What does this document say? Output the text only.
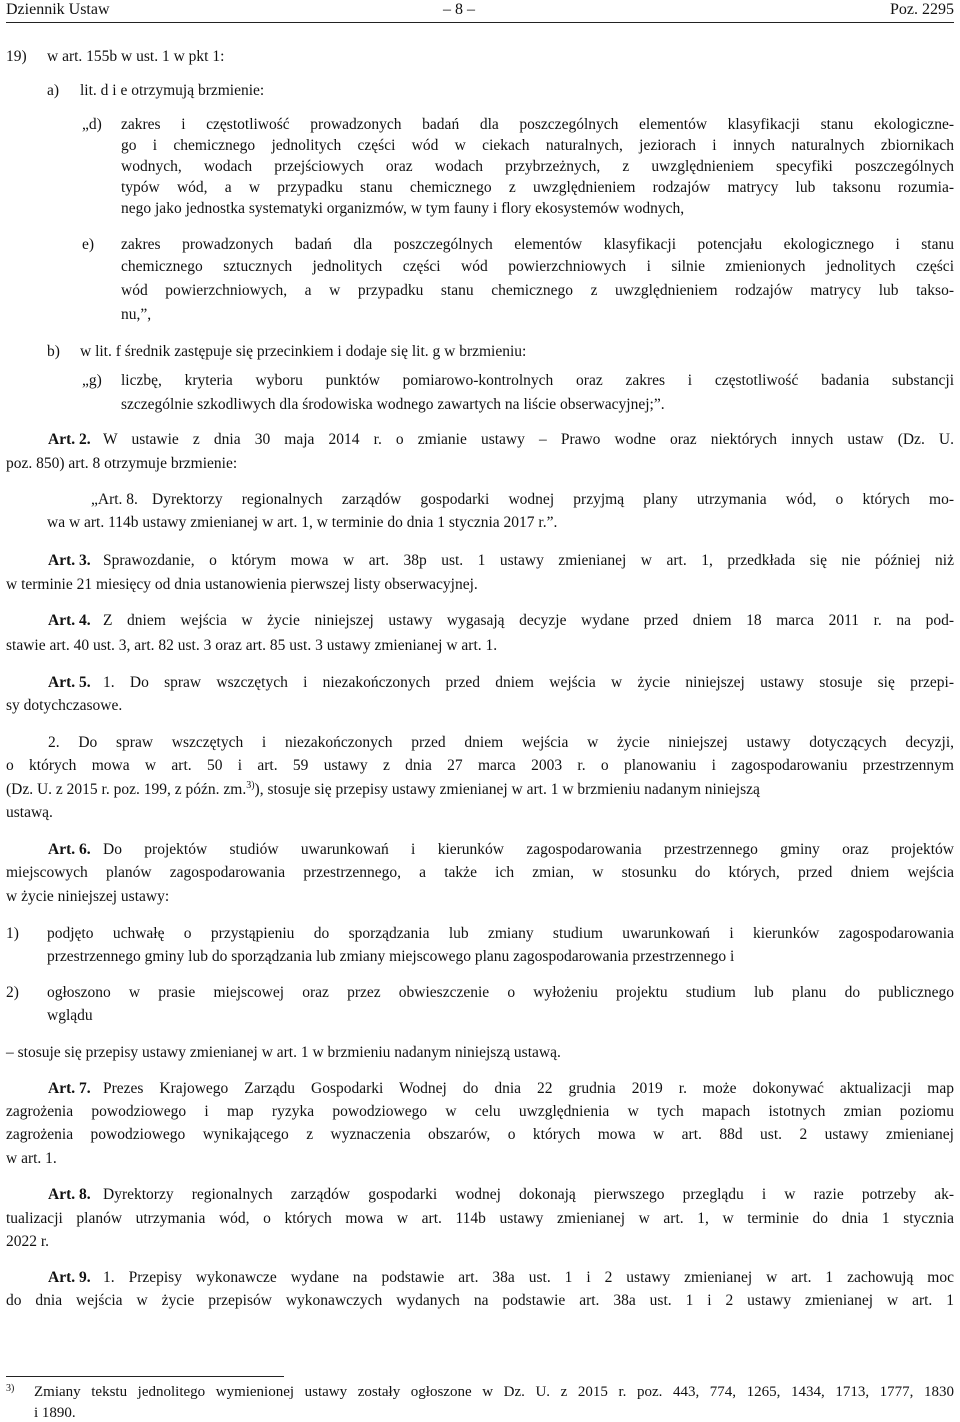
Dziennik Ustaw	– 8 –	Poz. 2295
19) w art. 155b w ust. 1 w pkt 1:
a) lit. d i e otrzymują brzmienie:
„d) zakres i częstotliwość prowadzonych badań dla poszczególnych elementów klasyfikacji stanu ekologiczne-
go i chemicznego jednolitych części wód w ciekach naturalnych, jeziorach i innych naturalnych zbiornikach
wodnych, wodach przejściowych oraz wodach przybrzeżnych, z uwzględnieniem specyfiki poszczególnych
typów wód, a w przypadku stanu chemicznego z uwzględnieniem rodzajów matrycy lub taksonu rozumia-
nego jako jednostka systematyki organizmów, w tym fauny i flory ekosystemów wodnych,
e) zakres prowadzonych badań dla poszczególnych elementów klasyfikacji potencjału ekologicznego i stanu
chemicznego sztucznych jednolitych części wód powierzchniowych i silnie zmienionych jednolitych części
wód powierzchniowych, a w przypadku stanu chemicznego z uwzględnieniem rodzajów matrycy lub takso-
nu,”,
b) w lit. f średnik zastępuje się przecinkiem i dodaje się lit. g w brzmieniu:
„g) liczbę, kryteria wyboru punktów pomiarowo-kontrolnych oraz zakres i częstotliwość badania substancji
szczególnie szkodliwych dla środowiska wodnego zawartych na liście obserwacyjnej;”.
Art. 2. W ustawie z dnia 30 maja 2014 r. o zmianie ustawy – Prawo wodne oraz niektórych innych ustaw (Dz. U.
poz. 850) art. 8 otrzymuje brzmienie:
„Art. 8. Dyrektorzy regionalnych zarządów gospodarki wodnej przyjmą plany utrzymania wód, o których mo-
wa w art. 114b ustawy zmienianej w art. 1, w terminie do dnia 1 stycznia 2017 r.”.
Art. 3. Sprawozdanie, o którym mowa w art. 38p ust. 1 ustawy zmienianej w art. 1, przedkłada się nie później niż
w terminie 21 miesięcy od dnia ustanowienia pierwszej listy obserwacyjnej.
Art. 4. Z dniem wejścia w życie niniejszej ustawy wygasają decyzje wydane przed dniem 18 marca 2011 r. na pod-
stawie art. 40 ust. 3, art. 82 ust. 3 oraz art. 85 ust. 3 ustawy zmienianej w art. 1.
Art. 5. 1. Do spraw wszczętych i niezakończonych przed dniem wejścia w życie niniejszej ustawy stosuje się przepi-
sy dotychczasowe.
2. Do spraw wszczętych i niezakończonych przed dniem wejścia w życie niniejszej ustawy dotyczących decyzji,
o których mowa w art. 50 i art. 59 ustawy z dnia 27 marca 2003 r. o planowaniu i zagospodarowaniu przestrzennym
(Dz. U. z 2015 r. poz. 199, z późn. zm.$^{3)}$), stosuje się przepisy ustawy zmienianej w art. 1 w brzmieniu nadanym niniejszą
ustawą.
Art. 6. Do projektów studiów uwarunkowań i kierunków zagospodarowania przestrzennego gminy oraz projektów
miejscowych planów zagospodarowania przestrzennego, a także ich zmian, w stosunku do których, przed dniem wejścia
w życie niniejszej ustawy:
1) podjęto uchwałę o przystąpieniu do sporządzania lub zmiany studium uwarunkowań i kierunków zagospodarowania
przestrzennego gminy lub do sporządzania lub zmiany miejscowego planu zagospodarowania przestrzennego i
2) ogłoszono w prasie miejscowej oraz przez obwieszczenie o wyłożeniu projektu studium lub planu do publicznego
wglądu
– stosuje się przepisy ustawy zmienianej w art. 1 w brzmieniu nadanym niniejszą ustawą.
Art. 7. Prezes Krajowego Zarządu Gospodarki Wodnej do dnia 22 grudnia 2019 r. może dokonywać aktualizacji map
zagrożenia powodziowego i map ryzyka powodziowego w celu uwzględnienia w tych mapach istotnych zmian poziomu
zagrożenia powodziowego wynikającego z wyznaczenia obszarów, o których mowa w art. 88d ust. 2 ustawy zmienianej
w art. 1.
Art. 8. Dyrektorzy regionalnych zarządów gospodarki wodnej dokonają pierwszego przeglądu i w razie potrzeby ak-
tualizacji planów utrzymania wód, o których mowa w art. 114b ustawy zmienianej w art. 1, w terminie do dnia 1 stycznia
2022 r.
Art. 9. 1. Przepisy wykonawcze wydane na podstawie art. 38a ust. 1 i 2 ustawy zmienianej w art. 1 zachowują moc
do dnia wejścia w życie przepisów wykonawczych wydanych na podstawie art. 38a ust. 1 i 2 ustawy zmienianej w art. 1
3) Zmiany tekstu jednolitego wymienionej ustawy zostały ogłoszone w Dz. U. z 2015 r. poz. 443, 774, 1265, 1434, 1713, 1777, 1830
i 1890.
